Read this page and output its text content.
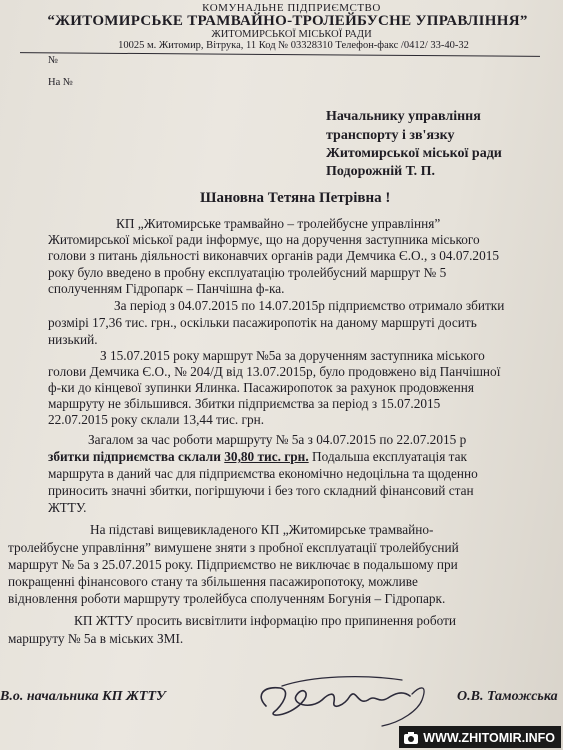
КОМУНАЛЬНЕ ПІДПРИЄМСТВО
“ЖИТОМИРСЬКЕ ТРАМВАЙНО-ТРОЛЕЙБУСНЕ УПРАВЛІННЯ”
ЖИТОМИРСЬКОЇ МІСЬКОЇ РАДИ
10025 м. Житомир, Вітрука, 11 Код № 03328310 Телефон-факс /0412/ 33-40-32
№
На №
Начальнику управління
транспорту і зв'язку
Житомирської міської ради
Подорожній Т. П.
Шановна Тетяна Петрівна !
КП „Житомирське трамвайно – тролейбусне управління”
Житомирської міської ради інформує, що на доручення заступника міського
голови з питань діяльності виконавчих органів ради Демчика Є.О., з 04.07.2015
року було введено в пробну експлуатацію тролейбусний маршрут № 5
сполученням Гідропарк – Панчішна ф-ка.
За період з 04.07.2015 по 14.07.2015р підприємство отримало збитки
розмірі 17,36 тис. грн., оскільки пасажиропотік на даному маршруті досить
низький.
З 15.07.2015 року маршрут №5а за дорученням заступника міського
голови Демчика Є.О., № 204/Д від 13.07.2015р, було продовжено від Панчішної
ф-ки до кінцевої зупинки Ялинка. Пасажиропоток за рахунок продовження
маршруту не збільшився. Збитки підприємства за період з 15.07.2015
22.07.2015 року склали 13,44 тис. грн.
Загалом за час роботи маршруту № 5а з 04.07.2015 по 22.07.2015 р
збитки підприємства склали 30,80 тис. грн. Подальша експлуатація так
маршрута в даний час для підприємства економічно недоцільна та щоденно
приносить значні збитки, погіршуючи і без того складний фінансовий стан
ЖТТУ.
На підставі вищевикладеного КП „Житомирське трамвайно-
тролейбусне управління” вимушене зняти з пробної експлуатації тролейбусний
маршрут № 5а з 25.07.2015 року. Підприємство не виключає в подальшому при
покращенні фінансового стану та збільшення пасажиропотоку, можливе
відновлення роботи маршруту тролейбуса сполученням Богунія – Гідропарк.
КП ЖТТУ просить висвітлити інформацію про припинення роботи
маршруту № 5а в міських ЗМІ.
В.о. начальника КП ЖТТУ	О.В. Таможська
WWW.ZHITOMIR.INFO
